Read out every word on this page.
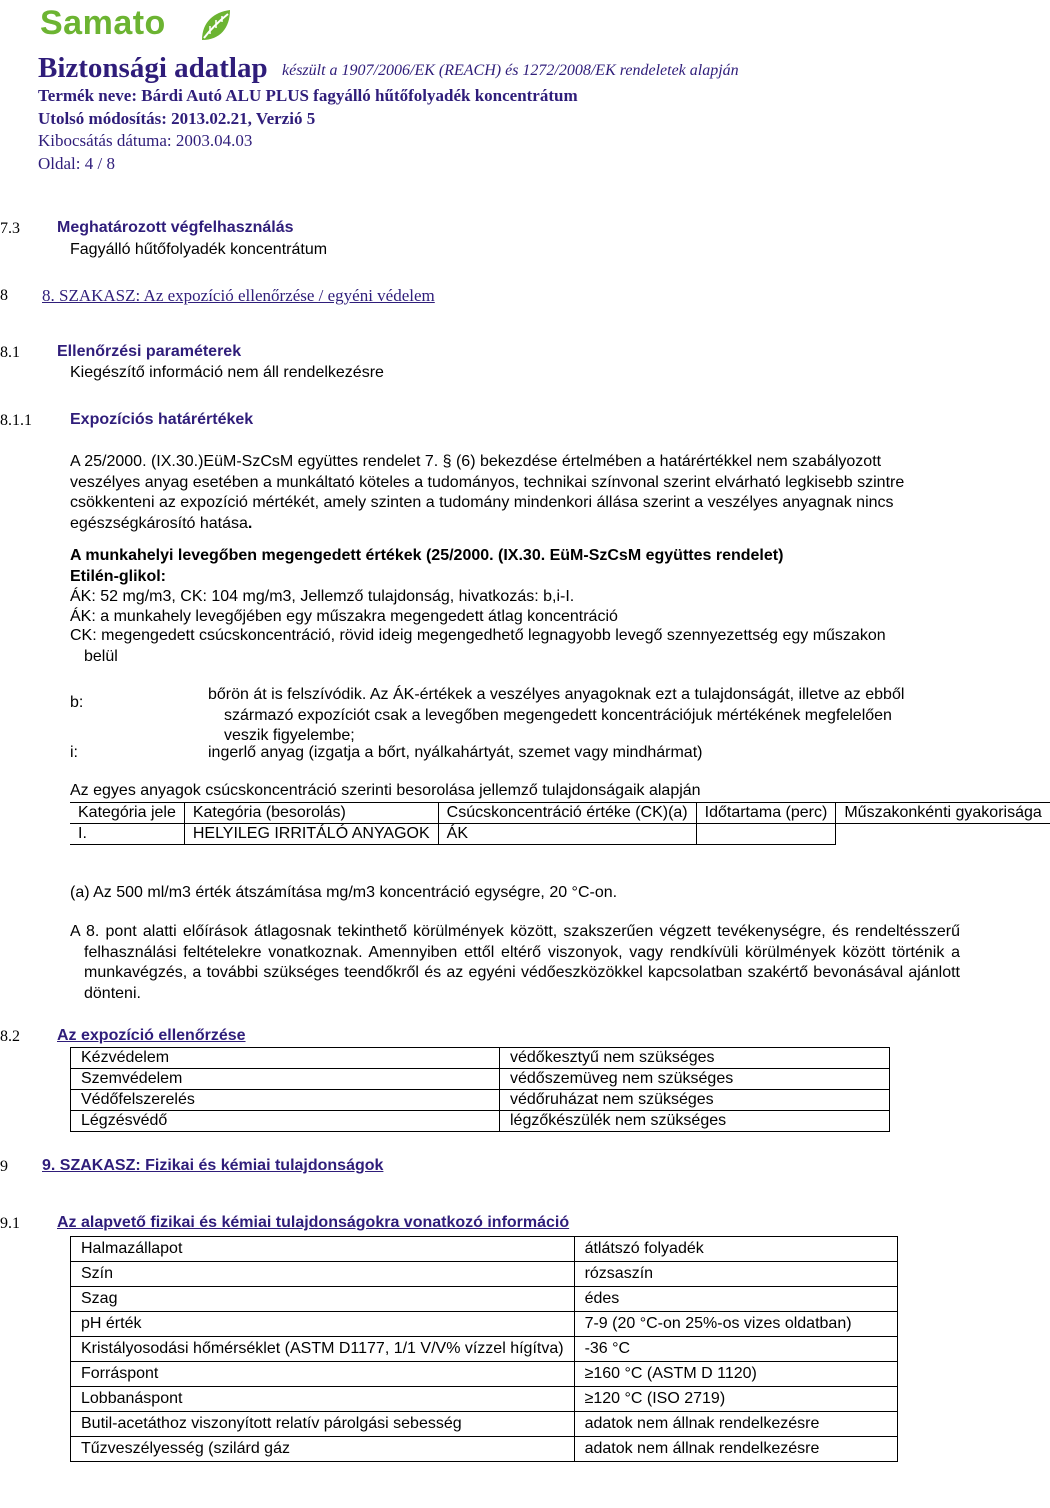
Samato
Biztonsági adatlap készült a 1907/2006/EK (REACH) és 1272/2008/EK rendeletek alapján
Termék neve: Bárdi Autó ALU PLUS fagyálló hűtőfolyadék koncentrátum
Utolsó módosítás: 2013.02.21, Verzió 5
Kibocsátás dátuma: 2003.04.03
Oldal: 4 / 8
7.3 Meghatározott végfelhasználás
Fagyálló hűtőfolyadék koncentrátum
8 8. SZAKASZ: Az expozíció ellenőrzése / egyéni védelem
8.1 Ellenőrzési paraméterek
Kiegészítő információ nem áll rendelkezésre
8.1.1 Expozíciós határértékek
A 25/2000. (IX.30.)EüM-SzCsM együttes rendelet 7. § (6) bekezdése értelmében a határértékkel nem szabályozott veszélyes anyag esetében a munkáltató köteles a tudományos, technikai színvonal szerint elvárható legkisebb szintre csökkenteni az expozíció mértékét, amely szinten a tudomány mindenkori állása szerint a veszélyes anyagnak nincs egészségkárosító hatása.
A munkahelyi levegőben megengedett értékek (25/2000. (IX.30. EüM-SzCsM együttes rendelet)
Etilén-glikol:
ÁK: 52 mg/m3, CK: 104 mg/m3, Jellemző tulajdonság, hivatkozás: b,i-I.
ÁK: a munkahely levegőjében egy műszakra megengedett átlag koncentráció
CK: megengedett csúcskoncentráció, rövid ideig megengedhető legnagyobb levegő szennyezettség egy műszakon belül
b:	bőrön át is felszívódik. Az ÁK-értékek a veszélyes anyagoknak ezt a tulajdonságát, illetve az ebből származó expozíciót csak a levegőben megengedett koncentrációjuk mértékének megfelelően veszik figyelembe;
i:	ingerlő anyag (izgatja a bőrt, nyálkahártyát, szemet vagy mindhármat)
Az egyes anyagok csúcskoncentráció szerinti besorolása jellemző tulajdonságaik alapján
Kategória jele	Kategória (besorolás)	Csúcskoncentráció értéke (CK)(a)	Időtartama (perc)	Műszakonkénti gyakorisága
I.	HELYILEG IRRITÁLÓ ANYAGOK	ÁK		
(a) Az 500 ml/m3 érték átszámítása mg/m3 koncentráció egységre, 20 °C-on.
A 8. pont alatti előírások átlagosnak tekinthető körülmények között, szakszerűen végzett tevékenységre, és rendeltésszerű felhasználási feltételekre vonatkoznak. Amennyiben ettől eltérő viszonyok, vagy rendkívüli körülmények között történik a munkavégzés, a további szükséges teendőkről és az egyéni védőeszközökkel kapcsolatban szakértő bevonásával ajánlott dönteni.
8.2 Az expozíció ellenőrzése
Kézvédelem	védőkesztyű nem szükséges
Szemvédelem	védőszemüveg nem szükséges
Védőfelszerelés	védőruházat nem szükséges
Légzésvédő	légzőkészülék nem szükséges
9 9. SZAKASZ: Fizikai és kémiai tulajdonságok
9.1 Az alapvető fizikai és kémiai tulajdonságokra vonatkozó információ
Halmazállapot	átlátszó folyadék
Szín	rózsaszín
Szag	édes
pH érték	7-9 (20 °C-on 25%-os vizes oldatban)
Kristályosodási hőmérséklet (ASTM D1177, 1/1 V/V% vízzel hígítva)	-36 °C
Forráspont	≥160 °C (ASTM D 1120)
Lobbanáspont	≥120 °C (ISO 2719)
Butil-acetáthoz viszonyított relatív párolgási sebesség	adatok nem állnak rendelkezésre
Tűzveszélyesség (szilárd gáz	adatok nem állnak rendelkezésre
